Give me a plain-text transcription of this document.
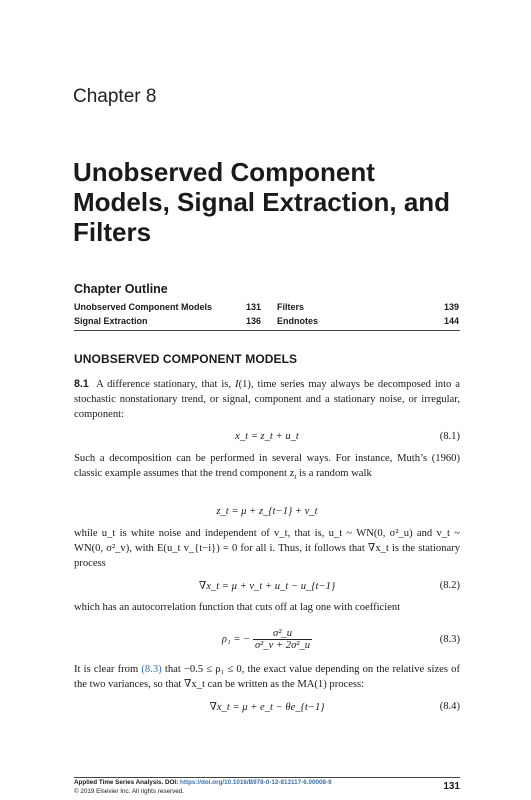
Chapter 8
Unobserved Component
Models, Signal Extraction, and
Filters
Chapter Outline
Unobserved Component Models	131 Filters	139
Signal Extraction	136 Endnotes	144
UNOBSERVED COMPONENT MODELS
8.1 A difference stationary, that is, I(1), time series may always be decomposed into a stochastic nonstationary trend, or signal, component and a stationary noise, or irregular, component:
x_t = z_t + u_t	(8.1)
Such a decomposition can be performed in several ways. For instance, Muth’s (1960) classic example assumes that the trend component $z_t$ is a random walk
z_t = μ + z_{t−1} + v_t
while u_t is white noise and independent of v_t, that is, u_t ~ WN(0, σ²_u) and v_t ~ WN(0, σ²_v), with E(u_t v_{t−i}) = 0 for all i. Thus, it follows that ∇x_t is the stationary process
∇x_t = μ + v_t + u_t − u_{t−1}	(8.2)
which has an autocorrelation function that cuts off at lag one with coefficient
ρ₁ = − $\frac{\text{σ²\_u}}{\text{σ²\_v + 2σ²\_u}}$	(8.3)
It is clear from (8.3) that −0.5 ≤ ρ₁ ≤ 0, the exact value depending on the relative sizes of the two variances, so that ∇x_t can be written as the MA(1) process:
∇x_t = μ + e_t − θe_{t−1}	(8.4)
Applied Time Series Analysis. DOI: https://doi.org/10.1016/B978-0-12-813117-6.00008-9
© 2019 Elsevier Inc. All rights reserved.	131
